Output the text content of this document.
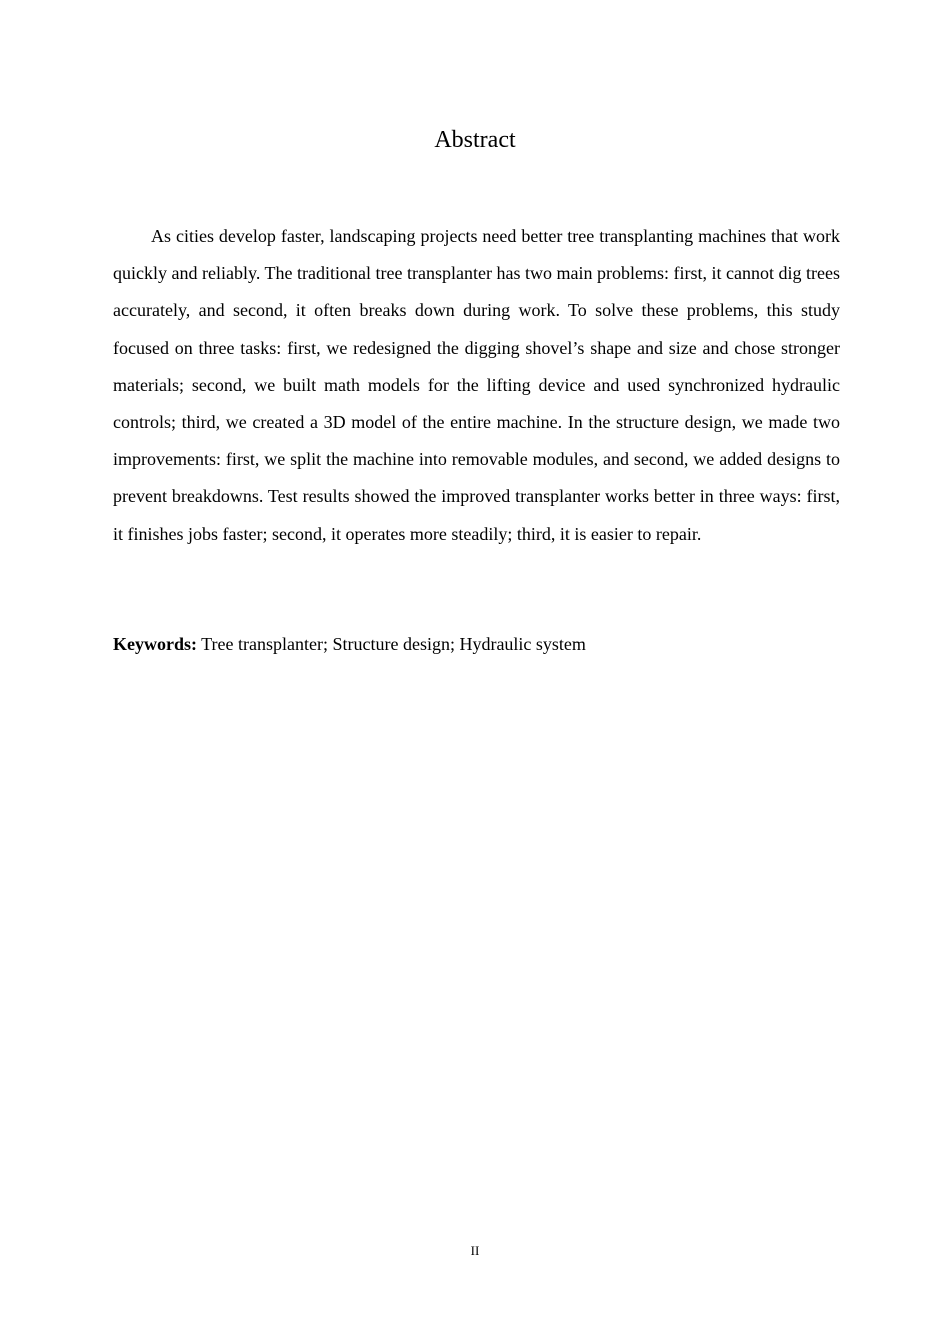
Abstract

As cities develop faster, landscaping projects need better tree transplanting machines that work quickly and reliably. The traditional tree transplanter has two main problems: first, it cannot dig trees accurately, and second, it often breaks down during work. To solve these problems, this study focused on three tasks: first, we redesigned the digging shovel’s shape and size and chose stronger materials; second, we built math models for the lifting device and used synchronized hydraulic controls; third, we created a 3D model of the entire machine. In the structure design, we made two improvements: first, we split the machine into removable modules, and second, we added designs to prevent breakdowns. Test results showed the improved transplanter works better in three ways: first, it finishes jobs faster; second, it operates more steadily; third, it is easier to repair.

Keywords: Tree transplanter; Structure design; Hydraulic system
II
